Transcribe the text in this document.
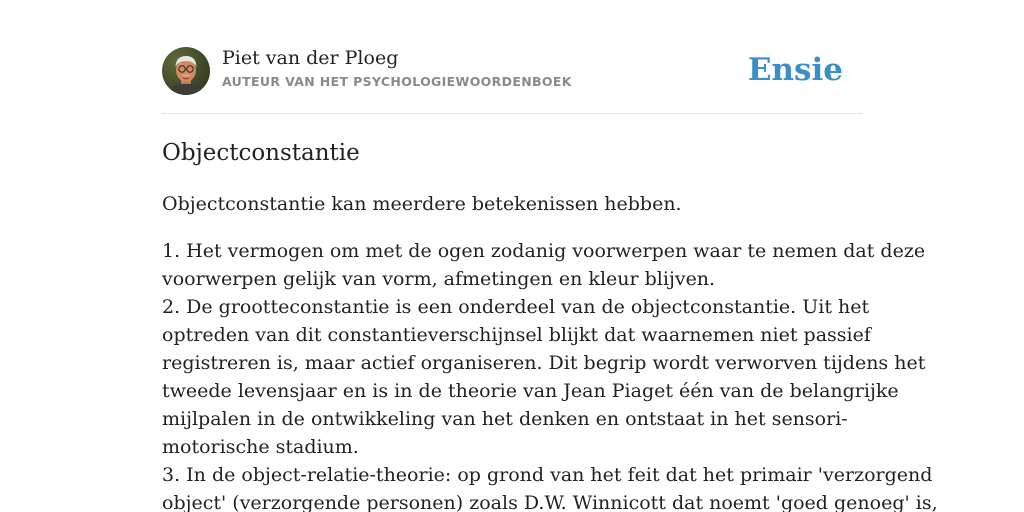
Piet van der Ploeg
AUTEUR VAN HET PSYCHOLOGIEWOORDENBOEK	Ensie
Objectconstantie

Objectconstantie kan meerdere betekenissen hebben.

1. Het vermogen om met de ogen zodanig voorwerpen waar te nemen dat deze
voorwerpen gelijk van vorm, afmetingen en kleur blijven.
2. De grootteconstantie is een onderdeel van de objectconstantie. Uit het
optreden van dit constantieverschijnsel blijkt dat waarnemen niet passief
registreren is, maar actief organiseren. Dit begrip wordt verworven tijdens het
tweede levensjaar en is in de theorie van Jean Piaget één van de belangrijke
mijlpalen in de ontwikkeling van het denken en ontstaat in het sensori-
motorische stadium.
3. In de object-relatie-theorie: op grond van het feit dat het primair 'verzorgend
object' (verzorgende personen) zoals D.W. Winnicott dat noemt 'goed genoeg' is,
